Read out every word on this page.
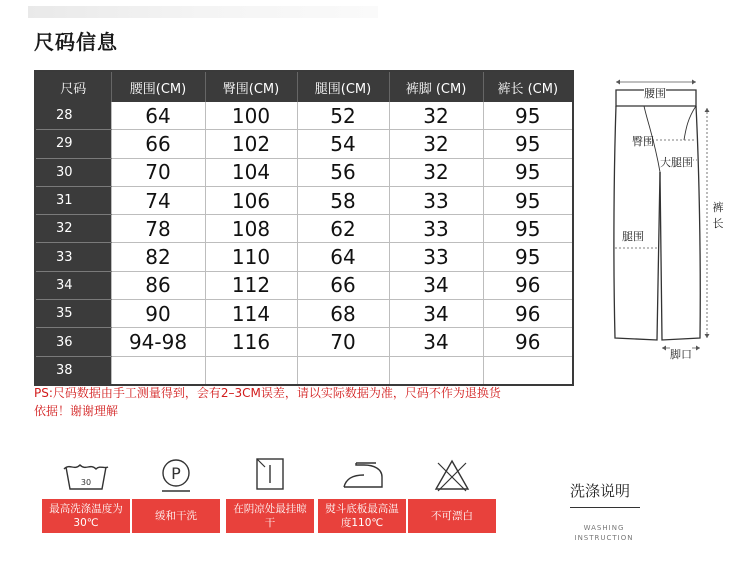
尺码信息
尺码	腰围(CM)	臀围(CM)	腿围(CM)	裤脚 (CM)	裤长 (CM)
28	64	100	52	32	95
29	66	102	54	32	95
30	70	104	56	32	95
31	74	106	58	33	95
32	78	108	62	33	95
33	82	110	64	33	95
34	86	112	66	34	96
35	90	114	68	34	96
36	94-98	116	70	34	96
38					
腰围
臀围
大腿围
腿围
脚口
裤长
PS:尺码数据由手工测量得到，会有2–3CM误差，请以实际数据为准，尺码不作为退换货依据！谢谢理解
30
最高洗涤温度为30℃
P
缓和干洗
在阴凉处最挂晾干
熨斗底板最高温度110℃
不可漂白
洗涤说明
WASHING
INSTRUCTION
